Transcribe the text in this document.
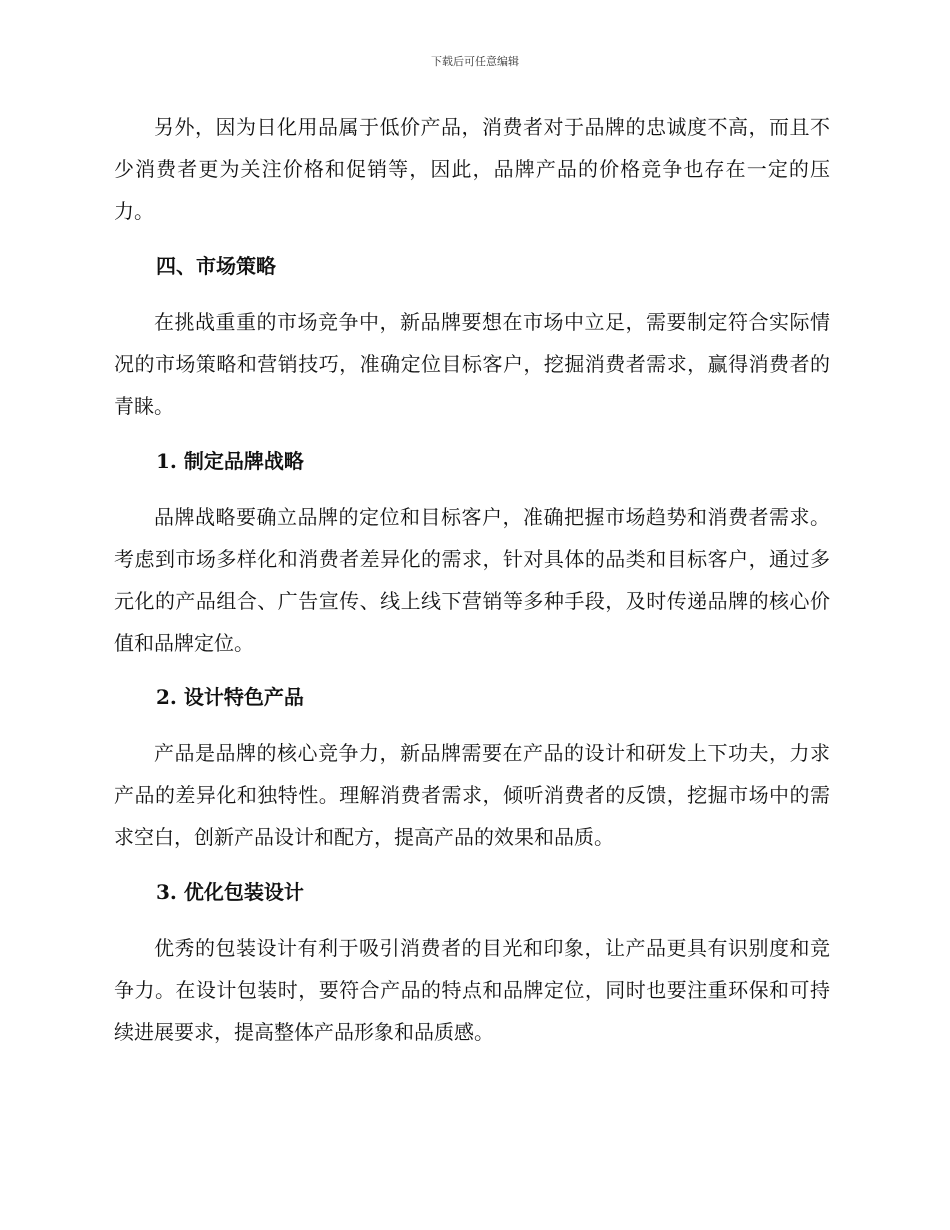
下载后可任意编辑

另外，因为日化用品属于低价产品，消费者对于品牌的忠诚度不高，而且不少消费者更为关注价格和促销等，因此，品牌产品的价格竞争也存在一定的压力。

四、市场策略

在挑战重重的市场竞争中，新品牌要想在市场中立足，需要制定符合实际情况的市场策略和营销技巧，准确定位目标客户，挖掘消费者需求，赢得消费者的青睐。

1. 制定品牌战略

品牌战略要确立品牌的定位和目标客户，准确把握市场趋势和消费者需求。考虑到市场多样化和消费者差异化的需求，针对具体的品类和目标客户，通过多元化的产品组合、广告宣传、线上线下营销等多种手段，及时传递品牌的核心价值和品牌定位。

2. 设计特色产品

产品是品牌的核心竞争力，新品牌需要在产品的设计和研发上下功夫，力求产品的差异化和独特性。理解消费者需求，倾听消费者的反馈，挖掘市场中的需求空白，创新产品设计和配方，提高产品的效果和品质。

3. 优化包装设计

优秀的包装设计有利于吸引消费者的目光和印象，让产品更具有识别度和竞争力。在设计包装时，要符合产品的特点和品牌定位，同时也要注重环保和可持续进展要求，提高整体产品形象和品质感。
